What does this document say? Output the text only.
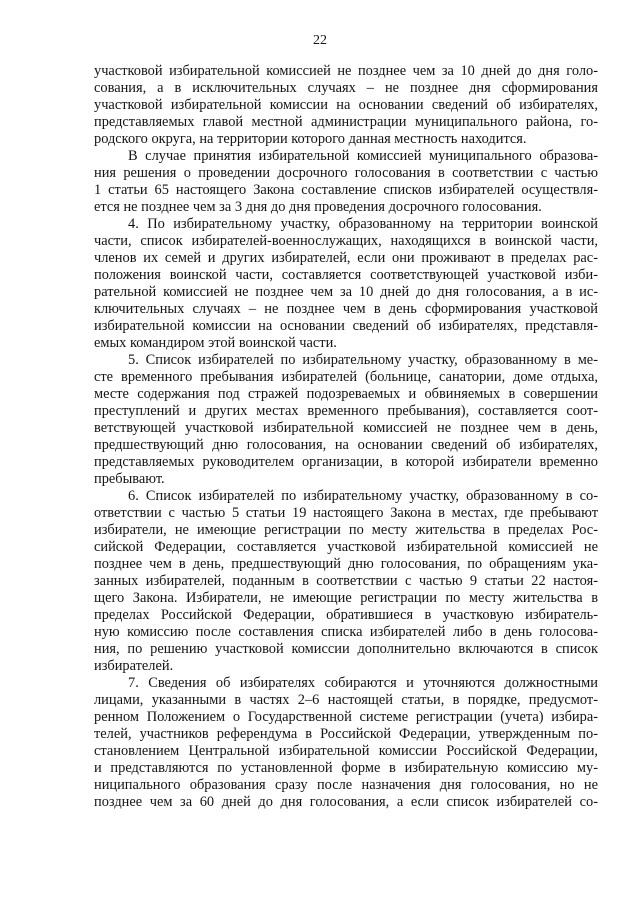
22

участковой избирательной комиссией не позднее чем за 10 дней до дня голо-
сования, а в исключительных случаях – не позднее дня сформирования
участковой избирательной комиссии на основании сведений об избирателях,
представляемых главой местной администрации муниципального района, го-
родского округа, на территории которого данная местность находится.

В случае принятия избирательной комиссией муниципального образова-
ния решения о проведении досрочного голосования в соответствии с частью
1 статьи 65 настоящего Закона составление списков избирателей осуществля-
ется не позднее чем за 3 дня до дня проведения досрочного голосования.

4. По избирательному участку, образованному на территории воинской
части, список избирателей-военнослужащих, находящихся в воинской части,
членов их семей и других избирателей, если они проживают в пределах рас-
положения воинской части, составляется соответствующей участковой изби-
рательной комиссией не позднее чем за 10 дней до дня голосования, а в ис-
ключительных случаях – не позднее чем в день сформирования участковой
избирательной комиссии на основании сведений об избирателях, представля-
емых командиром этой воинской части.

5. Список избирателей по избирательному участку, образованному в ме-
сте временного пребывания избирателей (больнице, санатории, доме отдыха,
месте содержания под стражей подозреваемых и обвиняемых в совершении
преступлений и других местах временного пребывания), составляется соот-
ветствующей участковой избирательной комиссией не позднее чем в день,
предшествующий дню голосования, на основании сведений об избирателях,
представляемых руководителем организации, в которой избиратели временно
пребывают.

6. Список избирателей по избирательному участку, образованному в со-
ответствии с частью 5 статьи 19 настоящего Закона в местах, где пребывают
избиратели, не имеющие регистрации по месту жительства в пределах Рос-
сийской Федерации, составляется участковой избирательной комиссией не
позднее чем в день, предшествующий дню голосования, по обращениям ука-
занных избирателей, поданным в соответствии с частью 9 статьи 22 настоя-
щего Закона. Избиратели, не имеющие регистрации по месту жительства в
пределах Российской Федерации, обратившиеся в участковую избиратель-
ную комиссию после составления списка избирателей либо в день голосова-
ния, по решению участковой комиссии дополнительно включаются в список
избирателей.

7. Сведения об избирателях собираются и уточняются должностными
лицами, указанными в частях 2–6 настоящей статьи, в порядке, предусмот-
ренном Положением о Государственной системе регистрации (учета) избира-
телей, участников референдума в Российской Федерации, утвержденным по-
становлением Центральной избирательной комиссии Российской Федерации,
и представляются по установленной форме в избирательную комиссию му-
ниципального образования сразу после назначения дня голосования, но не
позднее чем за 60 дней до дня голосования, а если список избирателей со-
